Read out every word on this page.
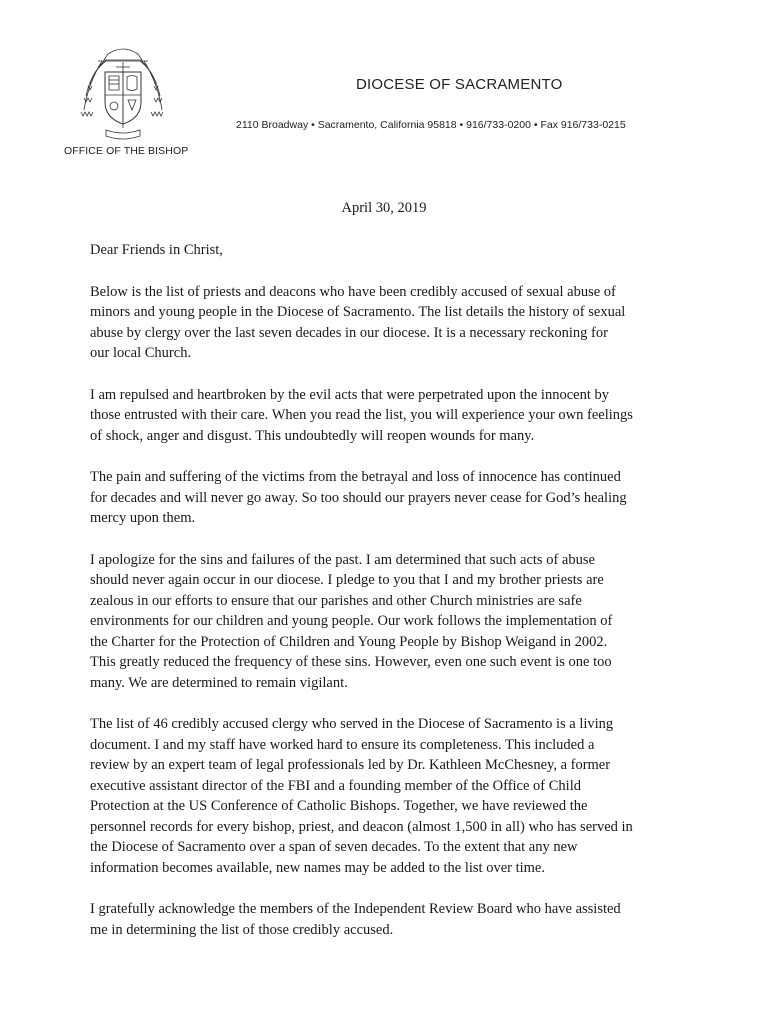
OFFICE OF THE BISHOP
DIOCESE OF SACRAMENTO
2110 Broadway • Sacramento, California 95818 • 916/733-0200 • Fax 916/733-0215
April 30, 2019

Dear Friends in Christ,

Below is the list of priests and deacons who have been credibly accused of sexual abuse of
minors and young people in the Diocese of Sacramento. The list details the history of sexual
abuse by clergy over the last seven decades in our diocese. It is a necessary reckoning for
our local Church.

I am repulsed and heartbroken by the evil acts that were perpetrated upon the innocent by
those entrusted with their care. When you read the list, you will experience your own feelings
of shock, anger and disgust. This undoubtedly will reopen wounds for many.

The pain and suffering of the victims from the betrayal and loss of innocence has continued
for decades and will never go away. So too should our prayers never cease for God’s healing
mercy upon them.

I apologize for the sins and failures of the past. I am determined that such acts of abuse
should never again occur in our diocese. I pledge to you that I and my brother priests are
zealous in our efforts to ensure that our parishes and other Church ministries are safe
environments for our children and young people. Our work follows the implementation of
the Charter for the Protection of Children and Young People by Bishop Weigand in 2002.
This greatly reduced the frequency of these sins. However, even one such event is one too
many. We are determined to remain vigilant.

The list of 46 credibly accused clergy who served in the Diocese of Sacramento is a living
document. I and my staff have worked hard to ensure its completeness. This included a
review by an expert team of legal professionals led by Dr. Kathleen McChesney, a former
executive assistant director of the FBI and a founding member of the Office of Child
Protection at the US Conference of Catholic Bishops. Together, we have reviewed the
personnel records for every bishop, priest, and deacon (almost 1,500 in all) who has served in
the Diocese of Sacramento over a span of seven decades. To the extent that any new
information becomes available, new names may be added to the list over time.

I gratefully acknowledge the members of the Independent Review Board who have assisted
me in determining the list of those credibly accused.
